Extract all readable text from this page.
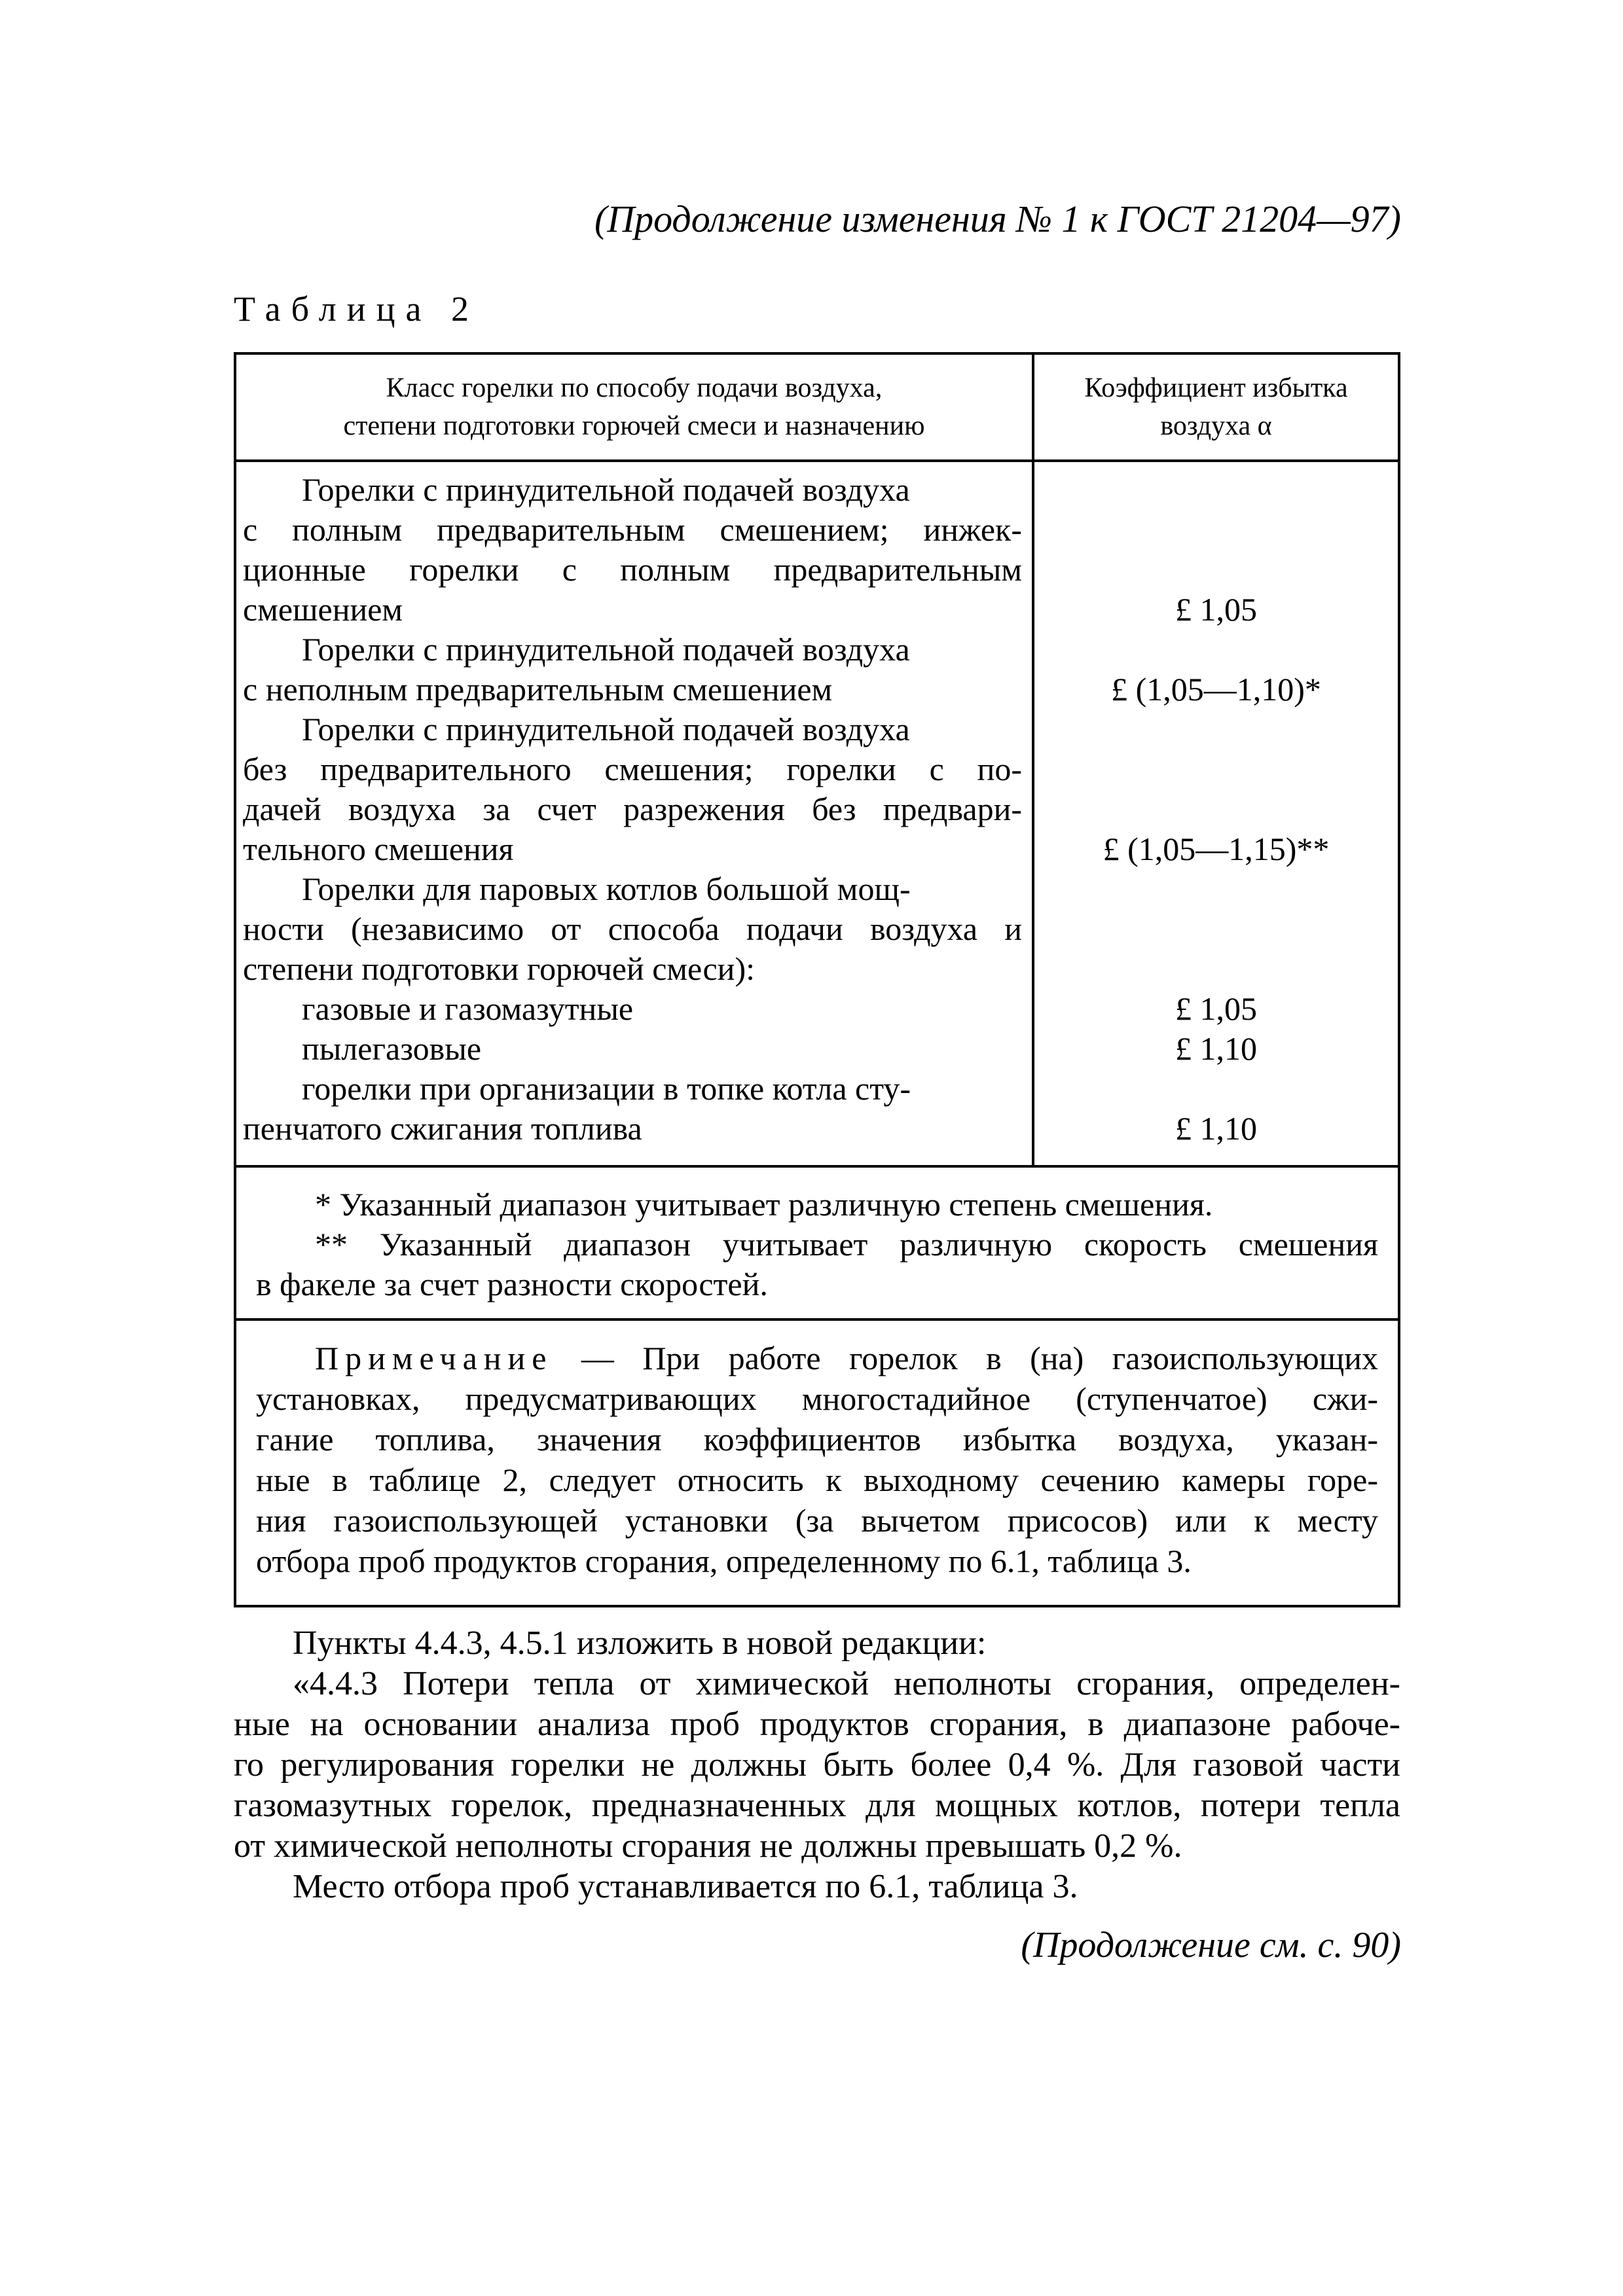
(Продолжение изменения № 1 к ГОСТ 21204—97)
Таблица 2
Класс горелки по способу подачи воздуха,
степени подготовки горючей смеси и назначению
Коэффициент избытка
воздуха α
Горелки с принудительной подачей воздуха
с полным предварительным смешением; инжек-
ционные горелки с полным предварительным
смешением
Горелки с принудительной подачей воздуха
с неполным предварительным смешением
Горелки с принудительной подачей воздуха
без предварительного смешения; горелки с по-
дачей воздуха за счет разрежения без предвари-
тельного смешения
Горелки для паровых котлов большой мощ-
ности (независимо от способа подачи воздуха и
степени подготовки горючей смеси):
газовые и газомазутные
пылегазовые
горелки при организации в топке котла сту-
пенчатого сжигания топлива
£ 1,05
£ (1,05—1,10)*
£ (1,05—1,15)**
£ 1,05
£ 1,10
£ 1,10
* Указанный диапазон учитывает различную степень смешения.
** Указанный диапазон учитывает различную скорость смешения
в факеле за счет разности скоростей.
Примечание — При работе горелок в (на) газоиспользующих
установках, предусматривающих многостадийное (ступенчатое) сжи-
гание топлива, значения коэффициентов избытка воздуха, указан-
ные в таблице 2, следует относить к выходному сечению камеры горе-
ния газоиспользующей установки (за вычетом присосов) или к месту
отбора проб продуктов сгорания, определенному по 6.1, таблица 3.
Пункты 4.4.3, 4.5.1 изложить в новой редакции:
«4.4.3 Потери тепла от химической неполноты сгорания, определен-
ные на основании анализа проб продуктов сгорания, в диапазоне рабоче-
го регулирования горелки не должны быть более 0,4 %. Для газовой части
газомазутных горелок, предназначенных для мощных котлов, потери тепла
от химической неполноты сгорания не должны превышать 0,2 %.
Место отбора проб устанавливается по 6.1, таблица 3.
(Продолжение см. с. 90)
